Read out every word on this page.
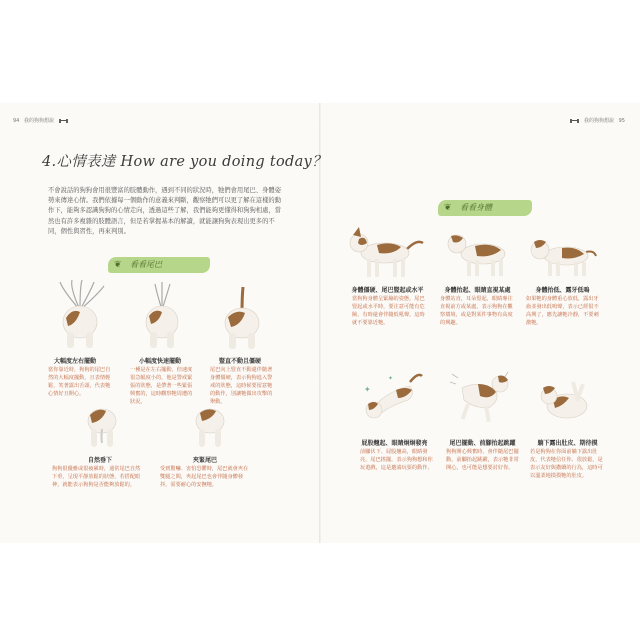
94 我的狗狗想說	我的狗狗想說 95
4.心情表達 How are you doing today？
不會說話的狗狗會用很豐富的肢體動作，遇到不同的狀況時，牠們會用尾巴、身體姿勢來傳達心情。我們依據每一個動作的意義來判斷，觀察牠們可以更了解在這樣的動作下，能夠多認識狗狗的心情走向，透過這些了解，我們能夠更懂得和狗狗相處，當然也有許多複雜的肢體語言，但是若掌握基本的解讀，就能讓狗狗表現出更多的不同，個性與習性，再來判別。
❦ 看看尾巴
❦ 看看身體
大幅度左右擺動	小幅度快速擺動	豎直不動且僵硬
當你靠近時，狗狗的尾巴自然的大幅度擺動，且表情輕鬆，笑著露出舌頭，代表牠心情好且開心。
一種是在左右擺動，但速度很急幅度小的，他是警戒緊張的狀態，是帶著一些緊張興奮的，這時觀察牠周遭的狀況。
尾巴向上豎直不動還伴隨著身體僵硬，表示狗狗進入警戒的狀態，這時候要留意牠的動作，別讓牠做出攻擊的舉動。
自然垂下	夾緊尾巴
狗狗很優雅或很疲累時，通常尾巴自然下垂，呈現平靜放鬆的狀態，若搭配眼神，就能表示狗狗是否能夠放鬆的。
受到驚嚇、害怕恐懼時，尾巴就會夾在雙腿之間，夾起尾巴也會伴隨身體發抖，需要耐心的安撫牠。
身體僵硬、尾巴豎起或水平	身體抬起、眼睛直視某處	身體抬低、露牙低嗚
當狗狗身體呈緊繃的姿態，尾巴豎起或水平時，要注意可能有危險，有時還會伴隨低吼聲，這時就不要靠近牠。
身體站直，耳朵豎起，眼睛專注直視前方或某處，表示狗狗在觀察環境，或是對某件事物有高度的興趣。
如果牠的身體重心放低，露出牙齒並發出低嗚聲，表示已經很不高興了，應先讓牠冷靜，不要刺激牠。
✦
✦
屁股翹起、眼睛炯炯發亮	尾巴擺動、前腳抬起跳躍	躺下露出肚皮、期待摸
前腳伏下、屁股翹高，眼睛發亮，尾巴搖擺，表示狗狗想和你玩遊戲，這是邀請玩耍的動作。
狗狗開心興奮時，會伴隨尾巴擺動，前腳抬起跳躍，表示牠非常開心，也可能是想要討好你。
若是狗狗在你面前躺下露出肚皮，代表牠信任你、很放鬆，是表示友好與撒嬌的行為，這時可以溫柔地摸摸牠的肚皮。
